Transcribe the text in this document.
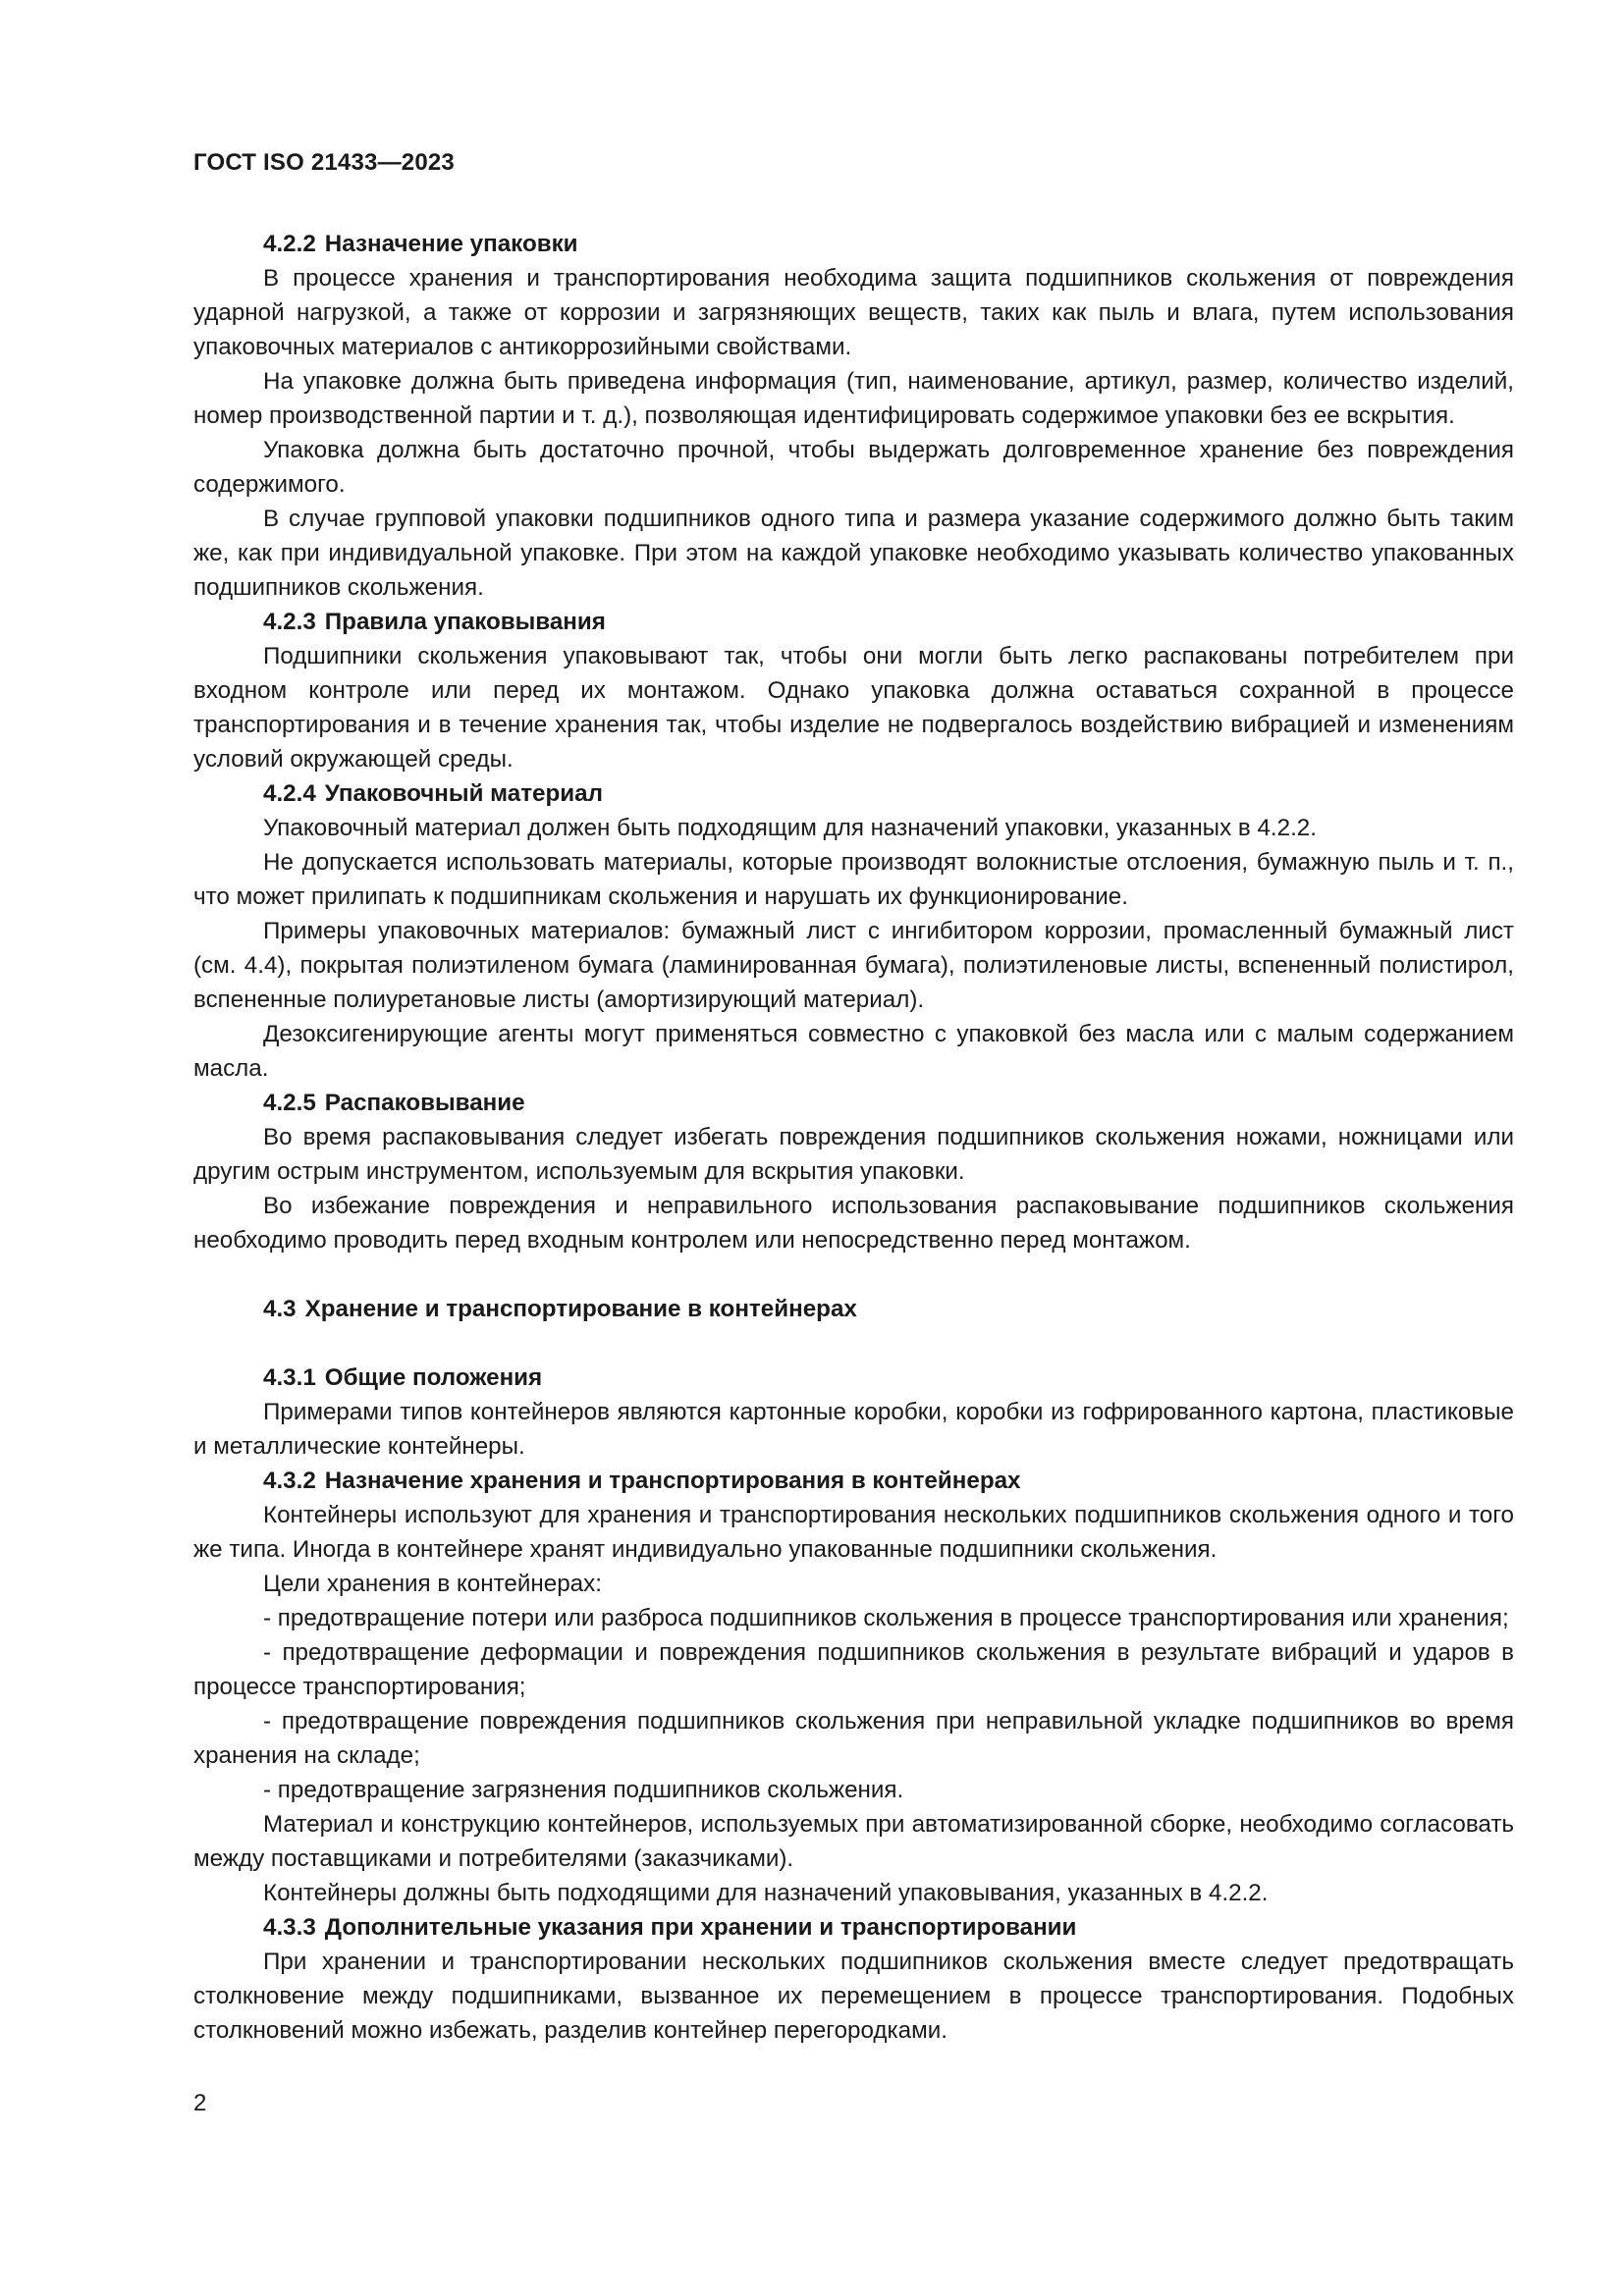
ГОСТ ISO 21433—2023

4.2.2 Назначение упаковки

В процессе хранения и транспортирования необходима защита подшипников скольжения от повреждения ударной нагрузкой, а также от коррозии и загрязняющих веществ, таких как пыль и влага, путем использования упаковочных материалов с антикоррозийными свойствами.

На упаковке должна быть приведена информация (тип, наименование, артикул, размер, количество изделий, номер производственной партии и т. д.), позволяющая идентифицировать содержимое упаковки без ее вскрытия.

Упаковка должна быть достаточно прочной, чтобы выдержать долговременное хранение без повреждения содержимого.

В случае групповой упаковки подшипников одного типа и размера указание содержимого должно быть таким же, как при индивидуальной упаковке. При этом на каждой упаковке необходимо указывать количество упакованных подшипников скольжения.

4.2.3 Правила упаковывания

Подшипники скольжения упаковывают так, чтобы они могли быть легко распакованы потребителем при входном контроле или перед их монтажом. Однако упаковка должна оставаться сохранной в процессе транспортирования и в течение хранения так, чтобы изделие не подвергалось воздействию вибрацией и изменениям условий окружающей среды.

4.2.4 Упаковочный материал

Упаковочный материал должен быть подходящим для назначений упаковки, указанных в 4.2.2.

Не допускается использовать материалы, которые производят волокнистые отслоения, бумажную пыль и т. п., что может прилипать к подшипникам скольжения и нарушать их функционирование.

Примеры упаковочных материалов: бумажный лист с ингибитором коррозии, промасленный бумажный лист (см. 4.4), покрытая полиэтиленом бумага (ламинированная бумага), полиэтиленовые листы, вспененный полистирол, вспененные полиуретановые листы (амортизирующий материал).

Дезоксигенирующие агенты могут применяться совместно с упаковкой без масла или с малым содержанием масла.

4.2.5 Распаковывание

Во время распаковывания следует избегать повреждения подшипников скольжения ножами, ножницами или другим острым инструментом, используемым для вскрытия упаковки.

Во избежание повреждения и неправильного использования распаковывание подшипников скольжения необходимо проводить перед входным контролем или непосредственно перед монтажом.

4.3 Хранение и транспортирование в контейнерах

4.3.1 Общие положения

Примерами типов контейнеров являются картонные коробки, коробки из гофрированного картона, пластиковые и металлические контейнеры.

4.3.2 Назначение хранения и транспортирования в контейнерах

Контейнеры используют для хранения и транспортирования нескольких подшипников скольжения одного и того же типа. Иногда в контейнере хранят индивидуально упакованные подшипники скольжения.

Цели хранения в контейнерах:

- предотвращение потери или разброса подшипников скольжения в процессе транспортирования или хранения;

- предотвращение деформации и повреждения подшипников скольжения в результате вибраций и ударов в процессе транспортирования;

- предотвращение повреждения подшипников скольжения при неправильной укладке подшипников во время хранения на складе;

- предотвращение загрязнения подшипников скольжения.

Материал и конструкцию контейнеров, используемых при автоматизированной сборке, необходимо согласовать между поставщиками и потребителями (заказчиками).

Контейнеры должны быть подходящими для назначений упаковывания, указанных в 4.2.2.

4.3.3 Дополнительные указания при хранении и транспортировании

При хранении и транспортировании нескольких подшипников скольжения вместе следует предотвращать столкновение между подшипниками, вызванное их перемещением в процессе транспортирования. Подобных столкновений можно избежать, разделив контейнер перегородками.

2
